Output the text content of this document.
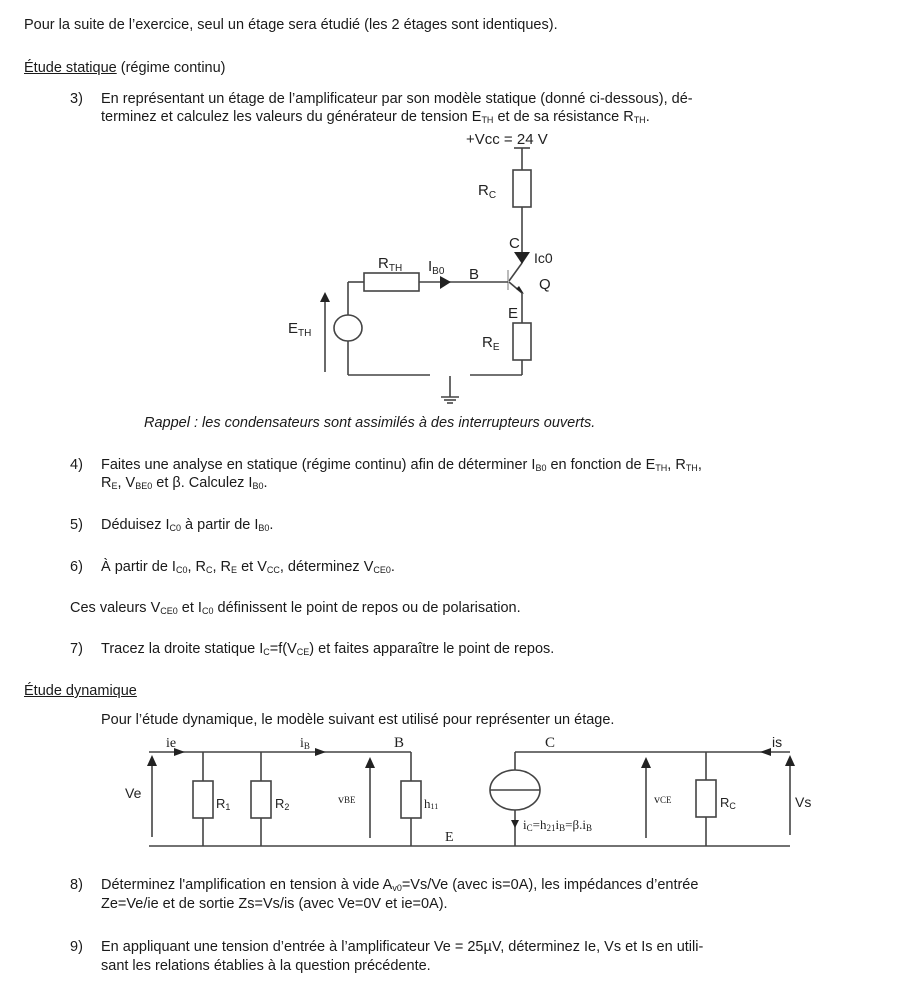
Pour la suite de l’exercice, seul un étage sera étudié (les 2 étages sont identiques).
Étude statique (régime continu)
3) En représentant un étage de l’amplificateur par son modèle statique (donné ci-dessous), dé-
terminez et calculez les valeurs du générateur de tension $E_{TH}$ et de sa résistance $R_{TH}$.
+Vcc = 24 V
$R_C$
C
Ic0
$R_{TH}$ $I_{B0}$ B
Q
E
$E_{TH}$
$R_E$
Rappel : les condensateurs sont assimilés à des interrupteurs ouverts.
4) Faites une analyse en statique (régime continu) afin de déterminer $I_{B0}$ en fonction de $E_{TH}$, $R_{TH}$,
$R_E$, $V_{BE0}$ et β. Calculez $I_{B0}$.
5) Déduisez $I_{C0}$ à partir de $I_{B0}$.
6) À partir de $I_{C0}$, $R_C$, $R_E$ et $V_{CC}$, déterminez $V_{CE0}$.
Ces valeurs $V_{CE0}$ et $I_{C0}$ définissent le point de repos ou de polarisation.
7) Tracez la droite statique $I_C=f(V_{CE})$ et faites apparaître le point de repos.
Étude dynamique
Pour l’étude dynamique, le modèle suivant est utilisé pour représenter un étage.
ie	iB	B	C	is
Ve
R1	R2
vBE	h11
E
iC=h21iB=β.iB
vCE	RC	Vs
8) Déterminez l'amplification en tension à vide $A_{v0}=Vs/Ve$ (avec is=0A), les impédances d’entrée
Ze=Ve/ie et de sortie Zs=Vs/is (avec Ve=0V et ie=0A).
9) En appliquant une tension d’entrée à l’amplificateur Ve = 25µV, déterminez Ie, Vs et Is en utili-
sant les relations établies à la question précédente.
